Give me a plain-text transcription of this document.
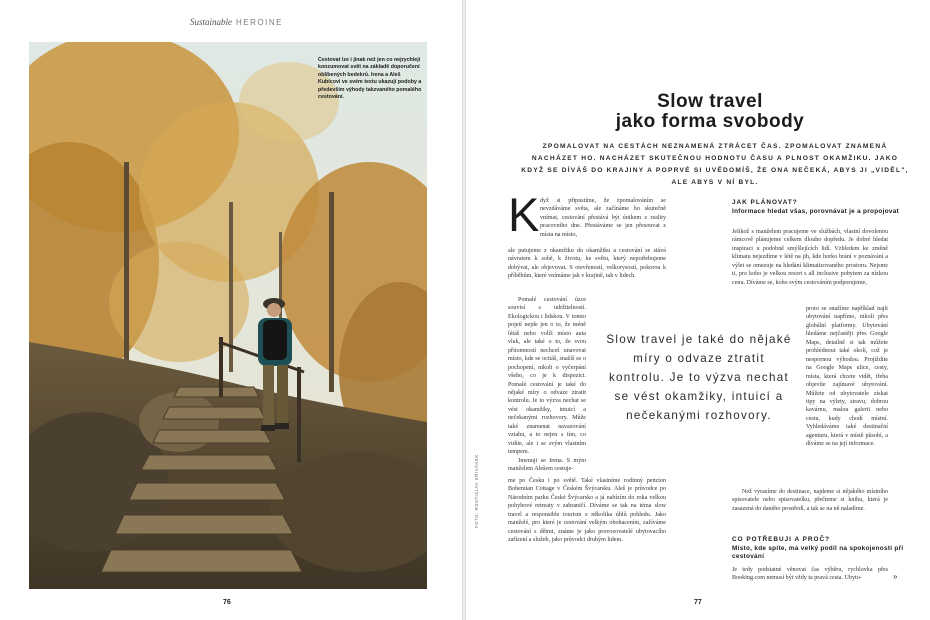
Sustainable HEROINE
Cestovat lze i jinak než jen co nejrychleji konzumovat svět na základě doporučení oblíbených bedekrů. Irena a Aleš Kubícovi ve svém textu ukazují podoby a především výhody takzvaného pomalého cestování.
76
FOTO: ROSTISLAV KŘIVÁNEK
Slow travel
jako forma svobody
ZPOMALOVAT NA CESTÁCH NEZNAMENÁ ZTRÁCET ČAS. ZPOMALOVAT ZNAMENÁ NACHÁZET HO. NACHÁZET SKUTEČNOU HODNOTU ČASU A PLNOST OKAMŽIKU. JAKO KDYŽ SE DÍVÁŠ DO KRAJINY A POPRVÉ SI UVĚDOMÍŠ, ŽE ONA NEČEKÁ, ABYS JI „VIDĚL", ALE ABYS V NÍ BYL.
K dyž si připustíme, že zpomalováním se nevzdáváme světa, ale začínáme ho skutečně vnímat, cestování přestává být únikem z reality pracovního dne. Přestáváme se jen přesouvat z místa na místo,

ale putujeme z okamžiku do okamžiku a cestování se stává návratem k sobě, k životu, ke světu, který nepotřebujeme dobývat, ale objevovat. S otevřeností, velkorysostí, pokorou k příběhům, které vnímáme jak v krajině, tak v lidech.

Pomalé cestování úzce souvisí s udržitelností. Ekologickou i lidskou. V tomto pojetí nejde jen o to, že méně létáš nebo volíš místo auta vlak, ale také o to, že svou přítomností nechceš unavovat místo, kde se ocitáš, snažíš se o pochopení, nikoli o vyčerpání všeho, co je k dispozici. Pomalé cestování je také do nějaké míry o odvaze ztratit kontrolu. Je to výzva nechat se vést okamžiky, intuicí a nečekanými rozhovory. Může také znamenat navazování vztahu, a to nejen s tím, co vidíte, ale i se svým vlastním tempem.

Jmenuji se Irena. S mým manželem Alešem cestuje-

me po Česku i po světě. Také vlastníme rodinný penzion Bohemian Cottage v Českém Švýcarsku. Aleš je průvodce po Národním parku České Švýcarsko a já nabízím do roka velkou pohybové retreaty v zahraničí. Díváme se tak na téma slow travel a responsible tourism z několika úhlů pohledu. Jako manželé, pro které je cestování velkým obohacením, zažíváme cestování s dětmi, známe je jako provozovatelé ubytovacího zařízení a služeb, jako průvodci druhým lidem.

JAK PLÁNOVAT?
Informace hledat všas, porovnávat je a propojovat

Jelikož s manželem pracujeme ve službách, vlastní dovolenou rámcově plánujeme celkem dlouho dopředu. Je dobré hledat inspiraci u podobně smýšlejících lidí. Vzhledem ke změně klimatu nejezdíme v létě na jih, kde horko brání v poznávání a výlet se omezuje na hledání klimatizovaného prostoru. Nejsme ti, pro koho je velkou resort s all inclusive pobytem za nízkou cenu. Díváme se, koho svým cestováním podporujeme,

proto se snažíme například najít ubytování napřímo, nikoli přes globální platformy. Ubytování hledáme nejčastěji přes Google Maps, detailně si tak můžete prohlédnout také okolí, což je nespornou výhodou. Projíždíte na Google Maps ulice, cesty, místa, která chcete vidět, třeba objevíte zajímavé ubytování. Můžete od ubytovatele získat tipy na výlety, stravu, dobrou kavárnu, malou galerii nebo cestu, kudy chodí místní. Vyhledáváme také destinační agenturu, která v místě působí, a díváme se na její informace.

Než vyrazíme do destinace, najdeme si nějakého místního spisovatele nebo spisovatelku, přečteme si knihu, která je zasazená do daného prostředí, a tak se na ně naladíme.

CO POTŘEBUJI A PROČ?
Místo, kde spíte, má velký podíl na spokojenosti při cestování

Je tedy podstatné věnovat čas výběru, rychlovka přes Booking.com nemusí být vždy ta pravá cesta. Ubyto-

Slow travel je také do nějaké míry o odvaze ztratit kontrolu. Je to výzva nechat se vést okamžiky, intuicí a nečekanými rozhovory.
»
77
